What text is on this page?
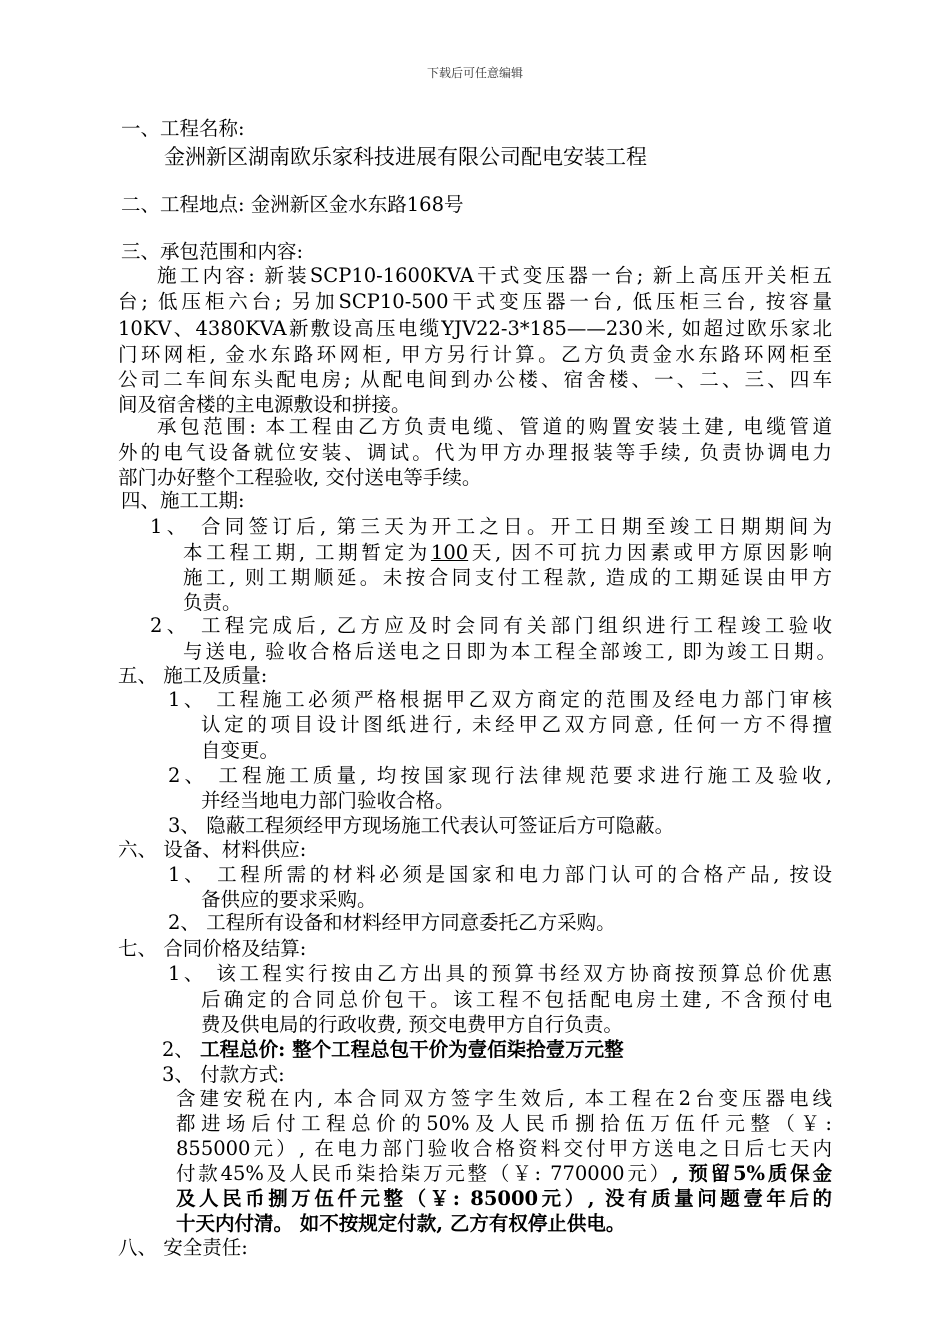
下载后可任意编辑
一、工程名称:
金洲新区湖南欧乐家科技进展有限公司配电安装工程
二、工程地点: 金洲新区金水东路168号
三、承包范围和内容:
施工内容: 新装SCP10-1600KVA干式变压器一台; 新上高压开关柜五
台; 低压柜六台; 另加SCP10-500干式变压器一台, 低压柜三台, 按容量
10KV、4380KVA新敷设高压电缆YJV22-3*185——230米, 如超过欧乐家北
门环网柜, 金水东路环网柜, 甲方另行计算。乙方负责金水东路环网柜至
公司二车间东头配电房; 从配电间到办公楼、宿舍楼、一、二、三、四车
间及宿舍楼的主电源敷设和拼接。
承包范围: 本工程由乙方负责电缆、管道的购置安装土建, 电缆管道
外的电气设备就位安装、调试。代为甲方办理报装等手续, 负责协调电力
部门办好整个工程验收, 交付送电等手续。
四、施工工期:
1、 合同签订后, 第三天为开工之日。开工日期至竣工日期期间为
本工程工期, 工期暂定为100天, 因不可抗力因素或甲方原因影响
施工, 则工期顺延。未按合同支付工程款, 造成的工期延误由甲方
负责。
2、 工程完成后, 乙方应及时会同有关部门组织进行工程竣工验收
与送电, 验收合格后送电之日即为本工程全部竣工, 即为竣工日期。
五、 施工及质量:
1、 工程施工必须严格根据甲乙双方商定的范围及经电力部门审核
认定的项目设计图纸进行, 未经甲乙双方同意, 任何一方不得擅
自变更。
2、 工程施工质量, 均按国家现行法律规范要求进行施工及验收,
并经当地电力部门验收合格。
3、 隐蔽工程须经甲方现场施工代表认可签证后方可隐蔽。
六、 设备、材料供应:
1、 工程所需的材料必须是国家和电力部门认可的合格产品, 按设
备供应的要求采购。
2、 工程所有设备和材料经甲方同意委托乙方采购。
七、 合同价格及结算:
1、 该工程实行按由乙方出具的预算书经双方协商按预算总价优惠
后确定的合同总价包干。该工程不包括配电房土建, 不含预付电
费及供电局的行政收费, 预交电费甲方自行负责。
2、 工程总价: 整个工程总包干价为壹佰柒拾壹万元整
3、 付款方式:
含建安税在内, 本合同双方签字生效后, 本工程在2台变压器电线
都进场后付工程总价的50%及人民币捌拾伍万伍仟元整（￥:
855000元）, 在电力部门验收合格资料交付甲方送电之日后七天内
付款45%及人民币柒拾柒万元整（￥: 770000元）, 预留5%质保金
及人民币捌万伍仟元整（￥: 85000元）, 没有质量问题壹年后的
十天内付清。 如不按规定付款, 乙方有权停止供电。
八、 安全责任:
